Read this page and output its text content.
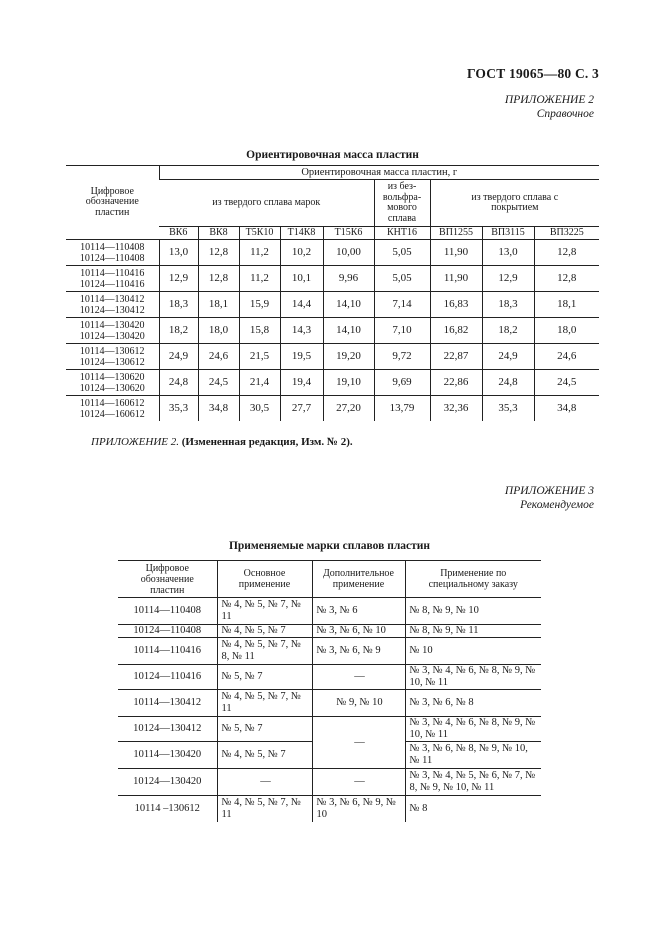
ГОСТ 19065—80 С. 3
ПРИЛОЖЕНИЕ 2
Справочное
Ориентировочная масса пластин
Цифровое обозначение пластин	Ориентировочная масса пластин, г								
	из твердого сплава марок					из без-вольфра-мового сплава	из твердого сплава с покрытием		
	ВК6	ВК8	Т5К10	Т14К8	Т15К6	КНТ16	ВП1255	ВП3115	ВП3225

10114—110408
10124—110408	13,0	12,8	11,2	10,2	10,00	5,05	11,90	13,0	12,8

10114—110416
10124—110416	12,9	12,8	11,2	10,1	9,96	5,05	11,90	12,9	12,8

10114—130412
10124—130412	18,3	18,1	15,9	14,4	14,10	7,14	16,83	18,3	18,1

10114—130420
10124—130420	18,2	18,0	15,8	14,3	14,10	7,10	16,82	18,2	18,0

10114—130612
10124—130612	24,9	24,6	21,5	19,5	19,20	9,72	22,87	24,9	24,6

10114—130620
10124—130620	24,8	24,5	21,4	19,4	19,10	9,69	22,86	24,8	24,5

10114—160612
10124—160612	35,3	34,8	30,5	27,7	27,20	13,79	32,36	35,3	34,8
ПРИЛОЖЕНИЕ 2. (Измененная редакция, Изм. № 2).
ПРИЛОЖЕНИЕ 3
Рекомендуемое
Применяемые марки сплавов пластин
Цифровое обозначение пластин	Основное применение	Дополнительное применение	Применение по специальному заказу
10114—110408	№ 4, № 5, № 7, № 11	№ 3, № 6	№ 8, № 9, № 10
10124—110408	№ 4, № 5, № 7	№ 3, № 6, № 10	№ 8, № 9, № 11
10114—110416	№ 4, № 5, № 7, № 8, № 11	№ 3, № 6, № 9	№ 10
10124—110416	№ 5, № 7	—	№ 3, № 4, № 6, № 8, № 9, № 10, № 11
10114—130412	№ 4, № 5, № 7, № 11	№ 9, № 10	№ 3, № 6, № 8
10124—130412	№ 5, № 7	—	№ 3, № 4, № 6, № 8, № 9, № 10, № 11
10114—130420	№ 4, № 5, № 7		№ 3, № 6, № 8, № 9, № 10, № 11
10124—130420	—	—	№ 3, № 4, № 5, № 6, № 7, № 8, № 9, № 10, № 11
10114 –130612	№ 4, № 5, № 7, № 11	№ 3, № 6, № 9, № 10	№ 8
